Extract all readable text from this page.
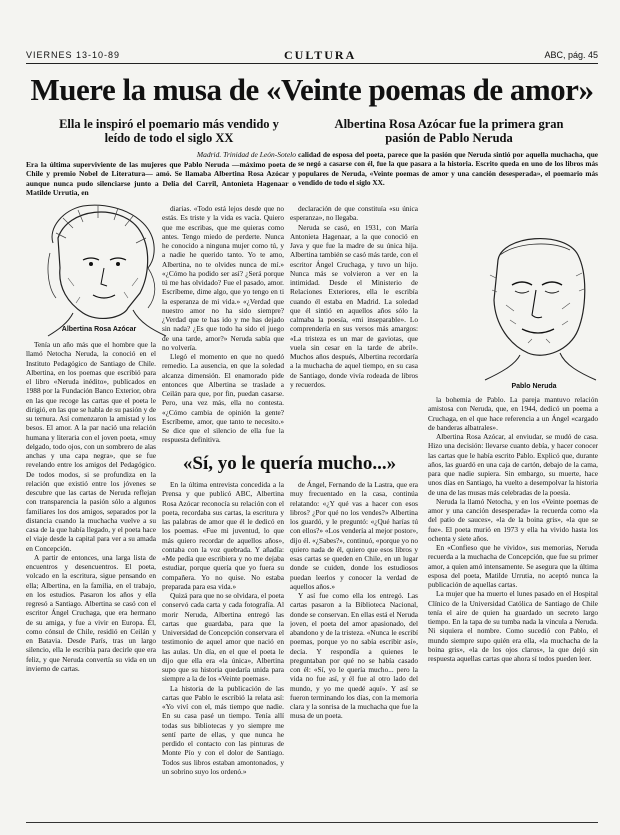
VIERNES 13-10-89	CULTURA	ABC, pág. 45
Muere la musa de «Veinte poemas de amor»
Ella le inspiró el poemario más vendido y leído de todo el siglo XX
Albertina Rosa Azócar fue la primera gran pasión de Pablo Neruda
Madrid. Trinidad de León-Sotelo
Era la última superviviente de las mujeres que Pablo Neruda —máximo poeta de Chile y premio Nobel de Literatura— amó. Se llamaba Albertina Rosa Azócar y aunque nunca pudo silenciarse junto a Delia del Carril, Antonieta Hagenaar o Matilde Urrutia, en
calidad de esposa del poeta, parece que la pasión que Neruda sintió por aquella muchacha, que se negó a casarse con él, fue la que pasara a la historia. Escrito queda en uno de los libros más populares de Neruda, «Veinte poemas de amor y una canción desesperada», el poemario más vendido de todo el siglo XX.
Albertina Rosa Azócar
Pablo Neruda

Tenía un año más que el hombre que la llamó Netocha Neruda, la conoció en el Instituto Pedagógico de Santiago de Chile. Albertina, en los poemas que escribió para el libro «Neruda inédito», publicados en 1988 por la Fundación Banco Exterior, obra en las que recoge las cartas que el poeta le dirigió, en las que se habla de su pasión y de su ternura. Así comenzaron la amistad y los besos. El amor. A la par nació una relación humana y literaria con el joven poeta, «muy delgado, todo ojos, con un sombrero de alas anchas y una capa negra», que se fue revelando entre los amigos del Pedagógico. De todos modos, si se profundiza en la relación que existió entre los jóvenes se descubre que las cartas de Neruda reflejan con transparencia la pasión sólo a algunos familiares los dos amigos, separados por la distancia cuando la muchacha vuelve a su casa de la que había llegado, y el poeta hace el viaje desde la capital para ver a su amada en Concepción.

A partir de entonces, una larga lista de encuentros y desencuentros. El poeta, volcado en la escritura, sigue pensando en ella; Albertina, en la familia, en el trabajo, en los estudios. Pasaron los años y ella regresó a Santiago. Albertina se casó con el escritor Ángel Cruchaga, que era hermano de su amiga, y fue a vivir en Europa. Él, como cónsul de Chile, residió en Ceilán y en Batavia. Desde París, tras un largo silencio, ella le escribía para decirle que era feliz, y que Neruda convertía su vida en un invierno de cartas.

diarias. «Todo está lejos desde que no estás. Es triste y la vida es vacía. Quiero que me escribas, que me quieras como antes. Tengo miedo de perderte. Nunca he conocido a ninguna mujer como tú, y a nadie he querido tanto. Yo te amo, Albertina, no te olvides nunca de mí.» «¿Cómo ha podido ser así? ¿Será porque tú me has olvidado? Fue el pasado, amor. Escríbeme, dime algo, que yo tengo en ti la esperanza de mi vida.» «¿Verdad que nuestro amor no ha sido siempre? ¿Verdad que te has ido y me has dejado sin nada? ¿Es que todo ha sido el juego de una tarde, amor?» Neruda sabía que no volvería.

Llegó el momento en que no quedó remedio. La ausencia, en que la soledad alcanza dimensión. El enamorado pide entonces que Albertina se traslade a Ceilán para que, por fin, puedan casarse. Pero, una vez más, ella no contesta. «¿Cómo cambia de opinión la gente? Escríbeme, amor, que tanto te necesito.» Se dice que el silencio de ella fue la respuesta definitiva.

declaración de que constituía «su única esperanza», no llegaba.

Neruda se casó, en 1931, con María Antonieta Hagenaar, a la que conoció en Java y que fue la madre de su única hija. Albertina también se casó más tarde, con el escritor Ángel Cruchaga, y tuvo un hijo. Nunca más se volvieron a ver en la intimidad. Desde el Ministerio de Relaciones Exteriores, ella le escribía cuando él estaba en Madrid. La soledad que él sintió en aquellos años sólo la calmaba la poesía, «mi inseparable». Lo comprendería en sus versos más amargos: «La tristeza es un mar de gaviotas, que vuela sin cesar en la tarde de abril». Muchos años después, Albertina recordaría a la muchacha de aquel tiempo, en su casa de Santiago, donde vivía rodeada de libros y recuerdos.

«Sí, yo le quería mucho...»

En la última entrevista concedida a la Prensa y que publicó ABC, Albertina Rosa Azócar reconocía su relación con el poeta, recordaba sus cartas, la escritura y las palabras de amor que él le dedicó en los poemas. «Fue mi juventud, lo que más quiero recordar de aquellos años», contaba con la voz quebrada. Y añadía: «Me pedía que escribiera y no me dejaba estudiar, porque quería que yo fuera su compañera. Yo no quise. No estaba preparada para esa vida.»

Quizá para que no se olvidara, el poeta conservó cada carta y cada fotografía. Al morir Neruda, Albertina entregó las cartas que guardaba, para que la Universidad de Concepción conservara el testimonio de aquel amor que nació en las aulas. Un día, en el que el poeta le dijo que ella era «la única», Albertina supo que su historia quedaría unida para siempre a la de los «Veinte poemas».

La historia de la publicación de las cartas que Pablo le escribió la relata así: «Yo viví con el, más tiempo que nadie. En su casa pasé un tiempo. Tenía allí todas sus bibliotecas y yo siempre me sentí parte de ellas, y que nunca he perdido el contacto con las pinturas de Monte Pío y con el dolor de Santiago. Todos sus libros estaban amontonados, y un sobrino suyo los ordenó.»

de Ángel, Fernando de la Lastra, que era muy frecuentado en la casa, continúa relatando: «¿Y qué vas a hacer con esos libros? ¿Por qué no los vendes?» Albertina los guardó, y le preguntó: «¿Qué harías tú con ellos?» «Los vendería al mejor postor», dijo él. «¿Sabes?», continuó, «porque yo no quiero nada de él, quiero que esos libros y esas cartas se queden en Chile, en un lugar donde se cuiden, donde los estudiosos puedan leerlos y conocer la verdad de aquellos años.»

Y así fue como ella los entregó. Las cartas pasaron a la Biblioteca Nacional, donde se conservan. En ellas está el Neruda joven, el poeta del amor apasionado, del abandono y de la tristeza. «Nunca le escribí poemas, porque yo no sabía escribir así», decía. Y respondía a quienes le preguntaban por qué no se había casado con él: «Sí, yo le quería mucho... pero la vida no fue así, y él fue al otro lado del mundo, y yo me quedé aquí». Y así se fueron terminando los días, con la memoria clara y la sonrisa de la muchacha que fue la musa de un poeta.

la bohemia de Pablo. La pareja mantuvo relación amistosa con Neruda, que, en 1944, dedicó un poema a Cruchaga, en el que hace referencia a un Ángel «cargado de banderas albatrales».

Albertina Rosa Azócar, al enviudar, se mudó de casa. Hizo una decisión: llevarse cuanto debía, y hacer conocer las cartas que le había escrito Pablo. Explicó que, durante años, las guardó en una caja de cartón, debajo de la cama, para que nadie supiera. Sin embargo, su muerte, hace unos días en Santiago, ha vuelto a desempolvar la historia de una de las musas más celebradas de la poesía.

Neruda la llamó Netocha, y en los «Veinte poemas de amor y una canción desesperada» la recuerda como «la del patio de sauces», «la de la boina gris», «la que se fue». El poeta murió en 1973 y ella ha vivido hasta los ochenta y siete años.

En «Confieso que he vivido», sus memorias, Neruda recuerda a la muchacha de Concepción, que fue su primer amor, a quien amó intensamente. Se asegura que la última esposa del poeta, Matilde Urrutia, no aceptó nunca la publicación de aquellas cartas.

La mujer que ha muerto el lunes pasado en el Hospital Clínico de la Universidad Católica de Santiago de Chile tenía el aire de quien ha guardado un secreto largo tiempo. En la tapa de su tumba nada la vincula a Neruda. Ni siquiera el nombre. Como sucedió con Pablo, el mundo siempre supo quién era ella, «la muchacha de la boina gris», «la de los ojos claros», la que dejó sin respuesta aquellas cartas que ahora sí todos pueden leer.
